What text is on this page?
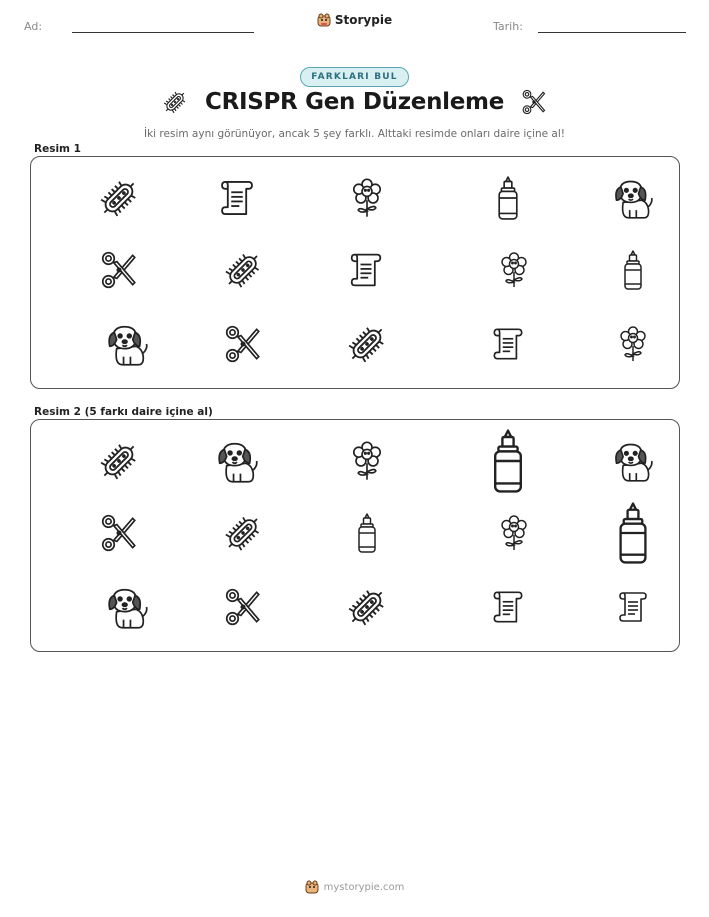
Ad:	Storypie	Tarih:
FARKLARI BUL
CRISPR Gen Düzenleme
İki resim aynı görünüyor, ancak 5 şey farklı. Alttaki resimde onları daire içine al!
Resim 1
Resim 2 (5 farkı daire içine al)
mystorypie.com
